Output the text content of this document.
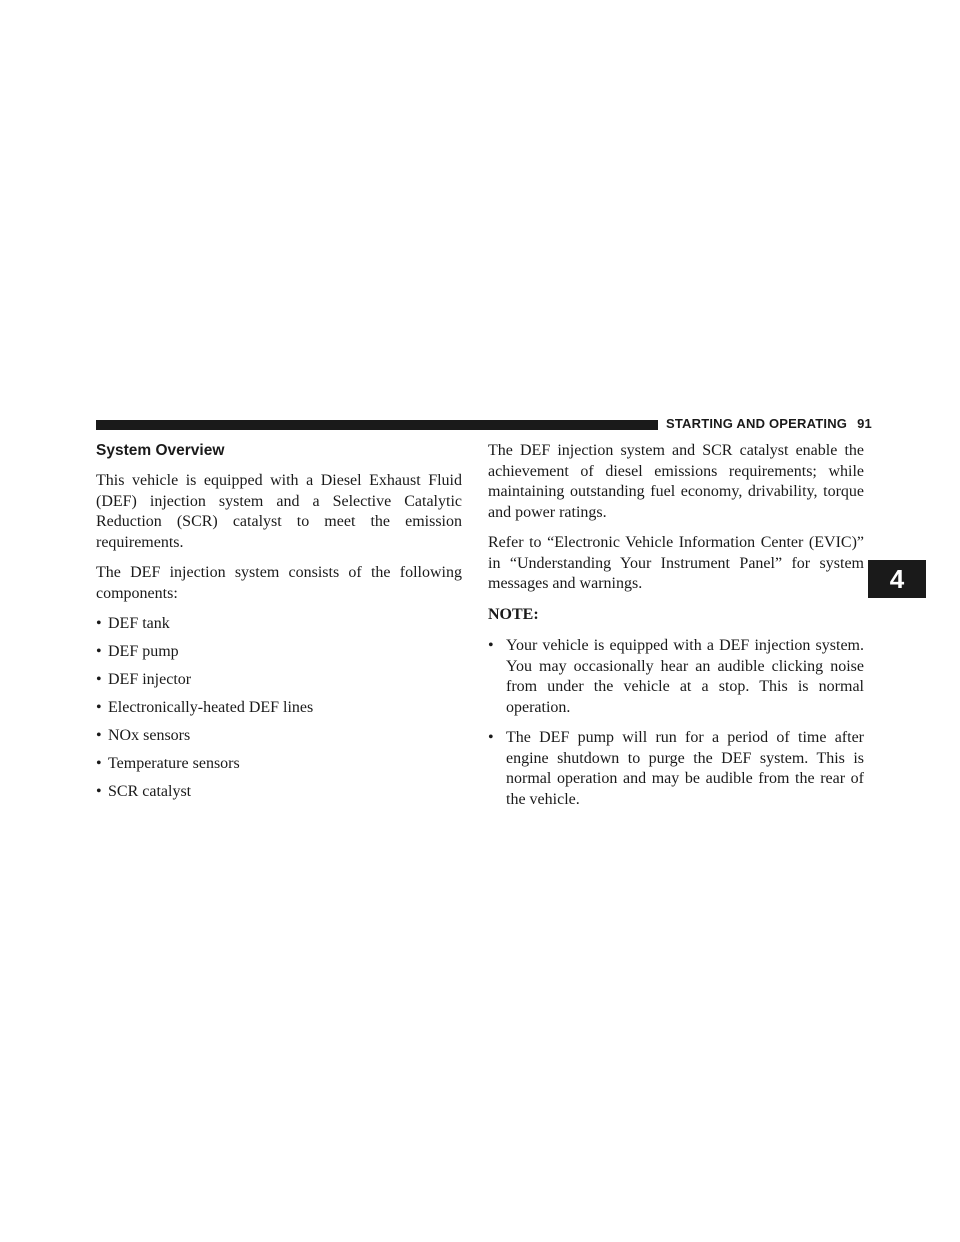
STARTING AND OPERATING 91
4
System Overview

This vehicle is equipped with a Diesel Exhaust Fluid (DEF) injection system and a Selective Catalytic Reduction (SCR) catalyst to meet the emission requirements.

The DEF injection system consists of the following components:

• DEF tank
• DEF pump
• DEF injector
• Electronically-heated DEF lines
• NOx sensors
• Temperature sensors
• SCR catalyst

The DEF injection system and SCR catalyst enable the achievement of diesel emissions requirements; while maintaining outstanding fuel economy, drivability, torque and power ratings.

Refer to “Electronic Vehicle Information Center (EVIC)” in “Understanding Your Instrument Panel” for system messages and warnings.

NOTE:
• Your vehicle is equipped with a DEF injection system. You may occasionally hear an audible clicking noise from under the vehicle at a stop. This is normal operation.
• The DEF pump will run for a period of time after engine shutdown to purge the DEF system. This is normal operation and may be audible from the rear of the vehicle.
